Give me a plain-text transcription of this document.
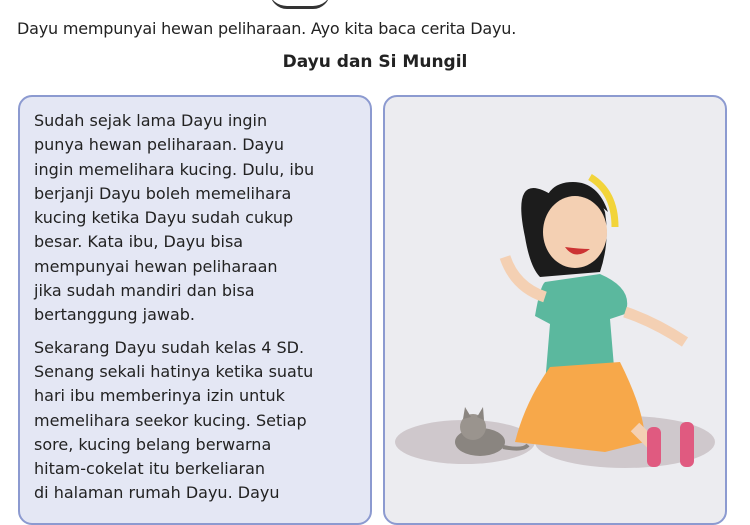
Dayu mempunyai hewan peliharaan. Ayo kita baca cerita Dayu.
Dayu dan Si Mungil

Sudah sejak lama Dayu ingin
punya hewan peliharaan. Dayu
ingin memelihara kucing. Dulu, ibu
berjanji Dayu boleh memelihara
kucing ketika Dayu sudah cukup
besar. Kata ibu, Dayu bisa
mempunyai hewan peliharaan
jika sudah mandiri dan bisa
bertanggung jawab.

Sekarang Dayu sudah kelas 4 SD.
Senang sekali hatinya ketika suatu
hari ibu memberinya izin untuk
memelihara seekor kucing. Setiap
sore, kucing belang berwarna
hitam-cokelat itu berkeliaran
di halaman rumah Dayu. Dayu
